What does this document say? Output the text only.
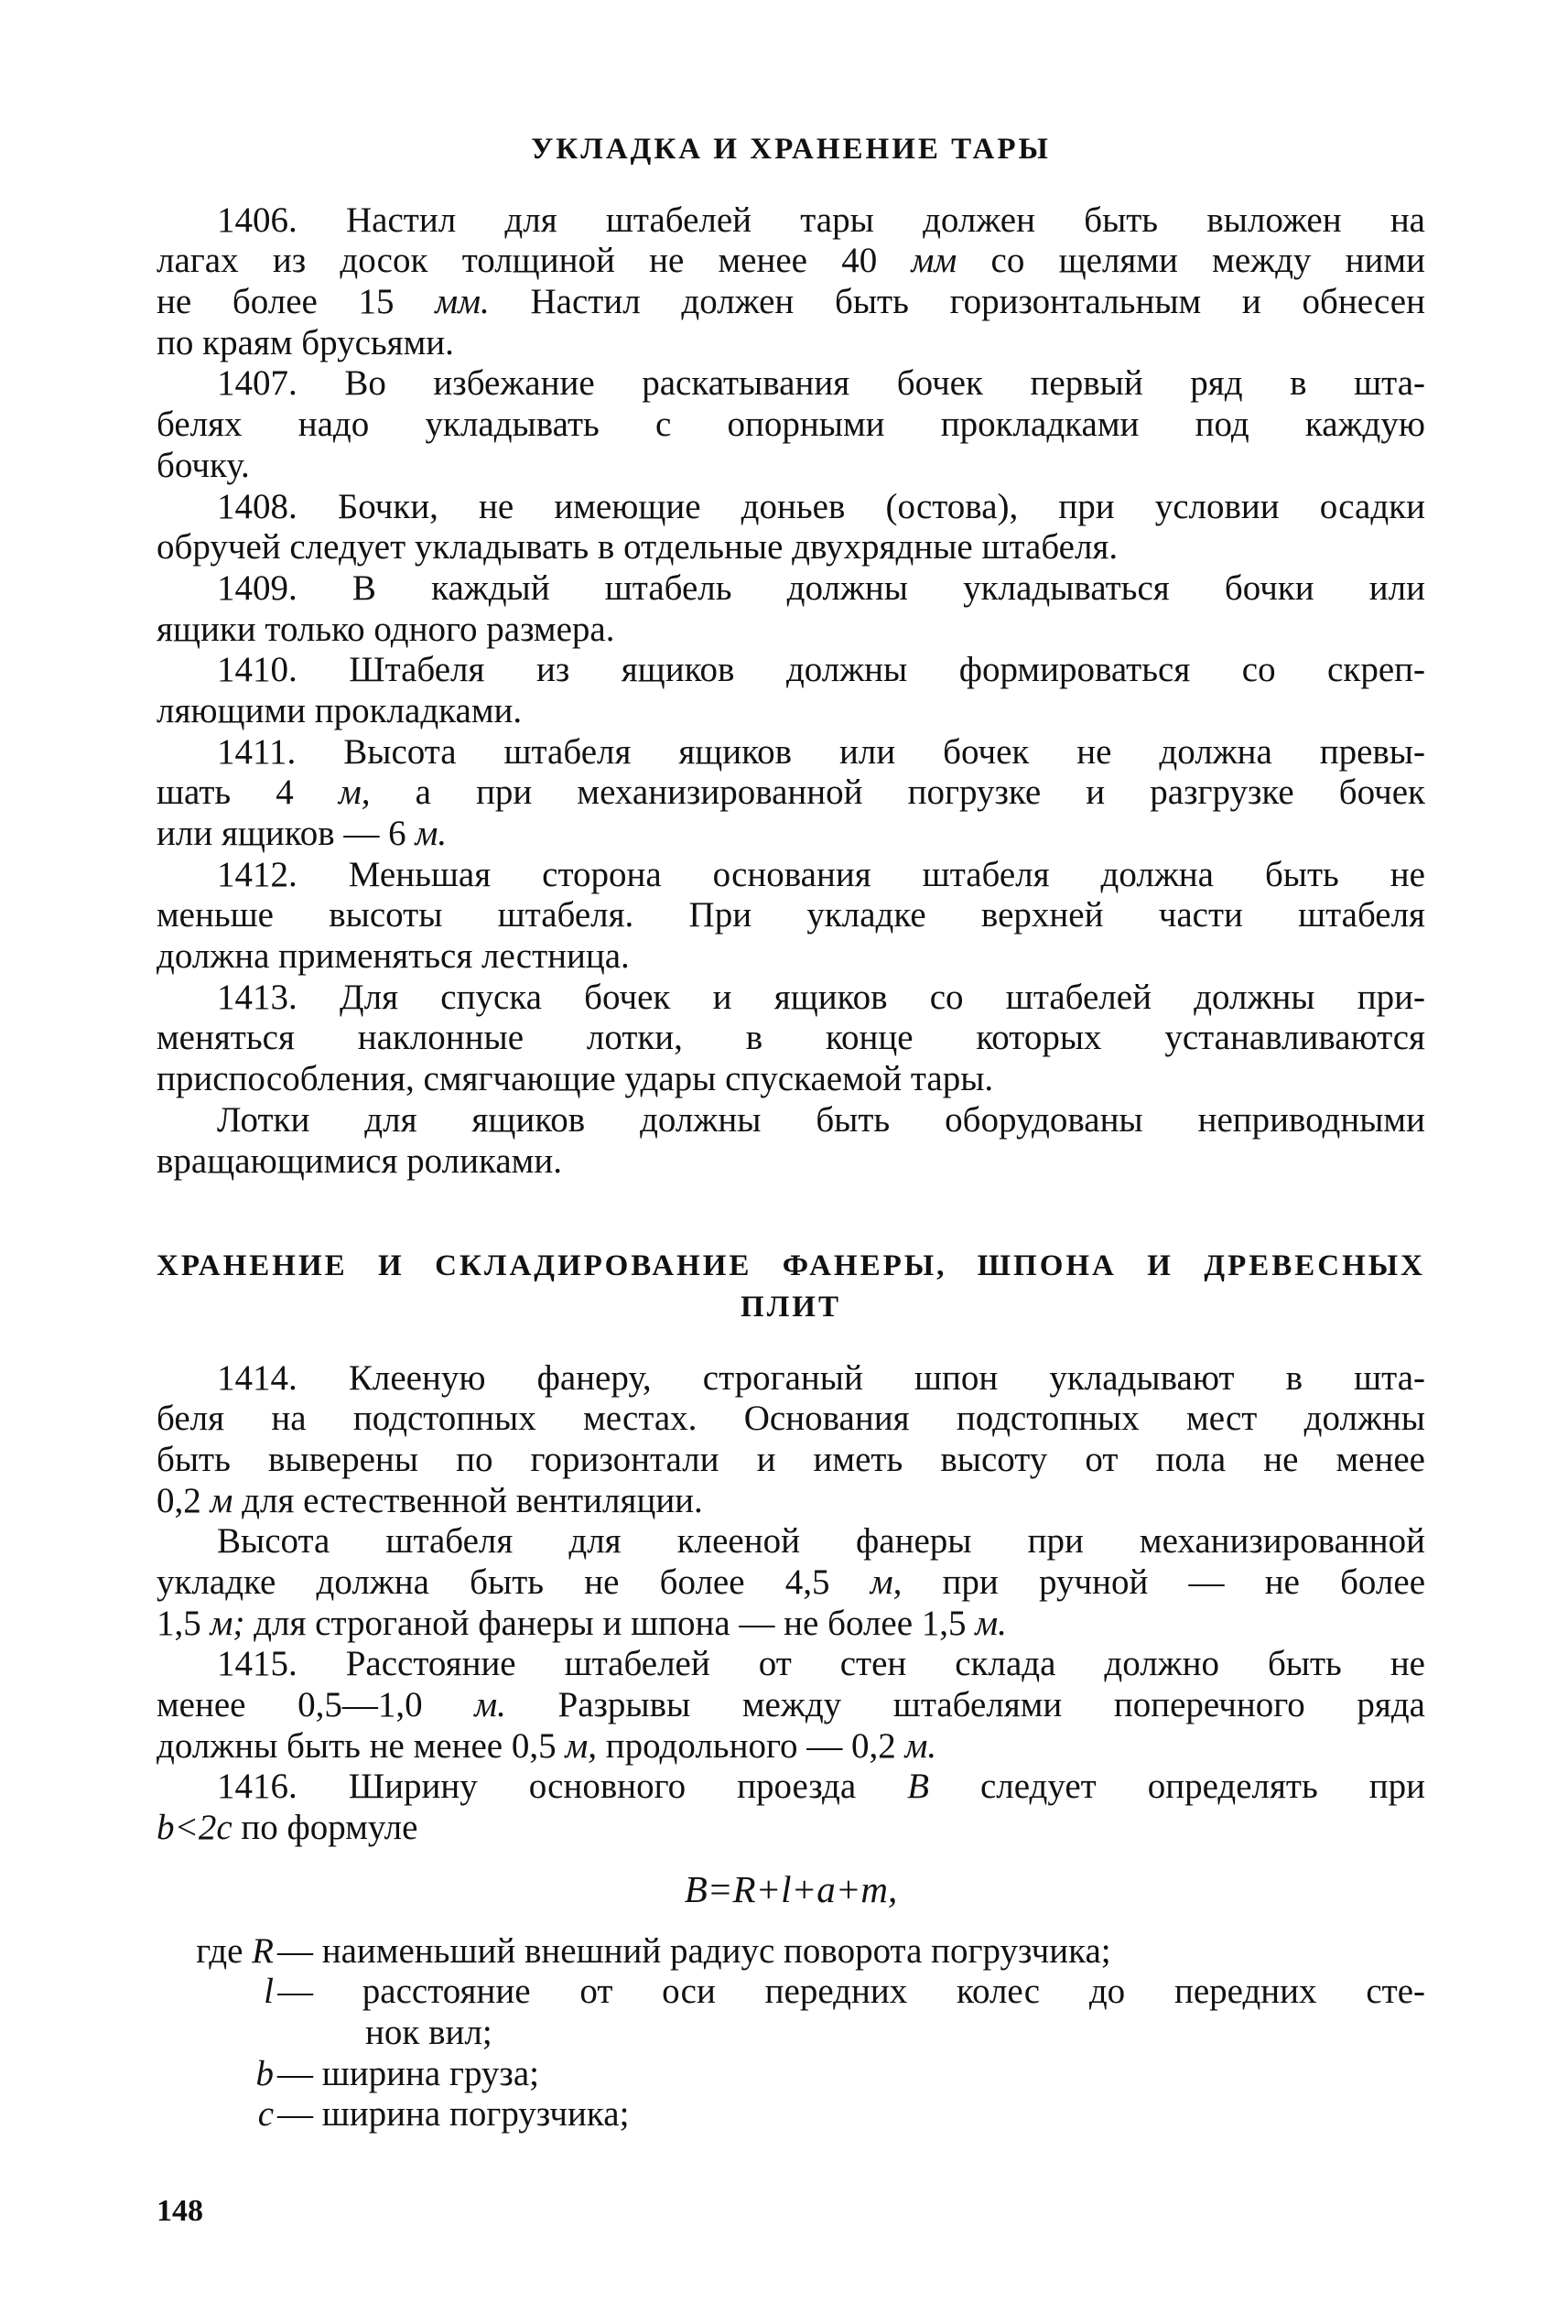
УКЛАДКА И ХРАНЕНИЕ ТАРЫ
1406. Настил для штабелей тары должен быть выложен на
лагах из досок толщиной не менее 40 мм со щелями между ними
не более 15 мм. Настил должен быть горизонтальным и обнесен
по краям брусьями.
1407. Во избежание раскатывания бочек первый ряд в шта-
белях надо укладывать с опорными прокладками под каждую
бочку.
1408. Бочки, не имеющие доньев (остова), при условии осадки
обручей следует укладывать в отдельные двухрядные штабеля.
1409. В каждый штабель должны укладываться бочки или
ящики только одного размера.
1410. Штабеля из ящиков должны формироваться со скреп-
ляющими прокладками.
1411. Высота штабеля ящиков или бочек не должна превы-
шать 4 м, а при механизированной погрузке и разгрузке бочек
или ящиков — 6 м.
1412. Меньшая сторона основания штабеля должна быть не
меньше высоты штабеля. При укладке верхней части штабеля
должна применяться лестница.
1413. Для спуска бочек и ящиков со штабелей должны при-
меняться наклонные лотки, в конце которых устанавливаются
приспособления, смягчающие удары спускаемой тары.
Лотки для ящиков должны быть оборудованы неприводными
вращающимися роликами.
ХРАНЕНИЕ И СКЛАДИРОВАНИЕ ФАНЕРЫ, ШПОНА И ДРЕВЕСНЫХ
ПЛИТ
1414. Клееную фанеру, строганый шпон укладывают в шта-
беля на подстопных местах. Основания подстопных мест должны
быть выверены по горизонтали и иметь высоту от пола не менее
0,2 м для естественной вентиляции.
Высота штабеля для клееной фанеры при механизированной
укладке должна быть не более 4,5 м, при ручной — не более
1,5 м; для строганой фанеры и шпона — не более 1,5 м.
1415. Расстояние штабелей от стен склада должно быть не
менее 0,5—1,0 м. Разрывы между штабелями поперечного ряда
должны быть не менее 0,5 м, продольного — 0,2 м.
1416. Ширину основного проезда B следует определять при
b<2c по формуле
B=R+l+a+m,
где R — наименьший внешний радиус поворота погрузчика;
l — расстояние от оси передних колес до передних сте-
нок вил;
b — ширина груза;
c — ширина погрузчика;
148
